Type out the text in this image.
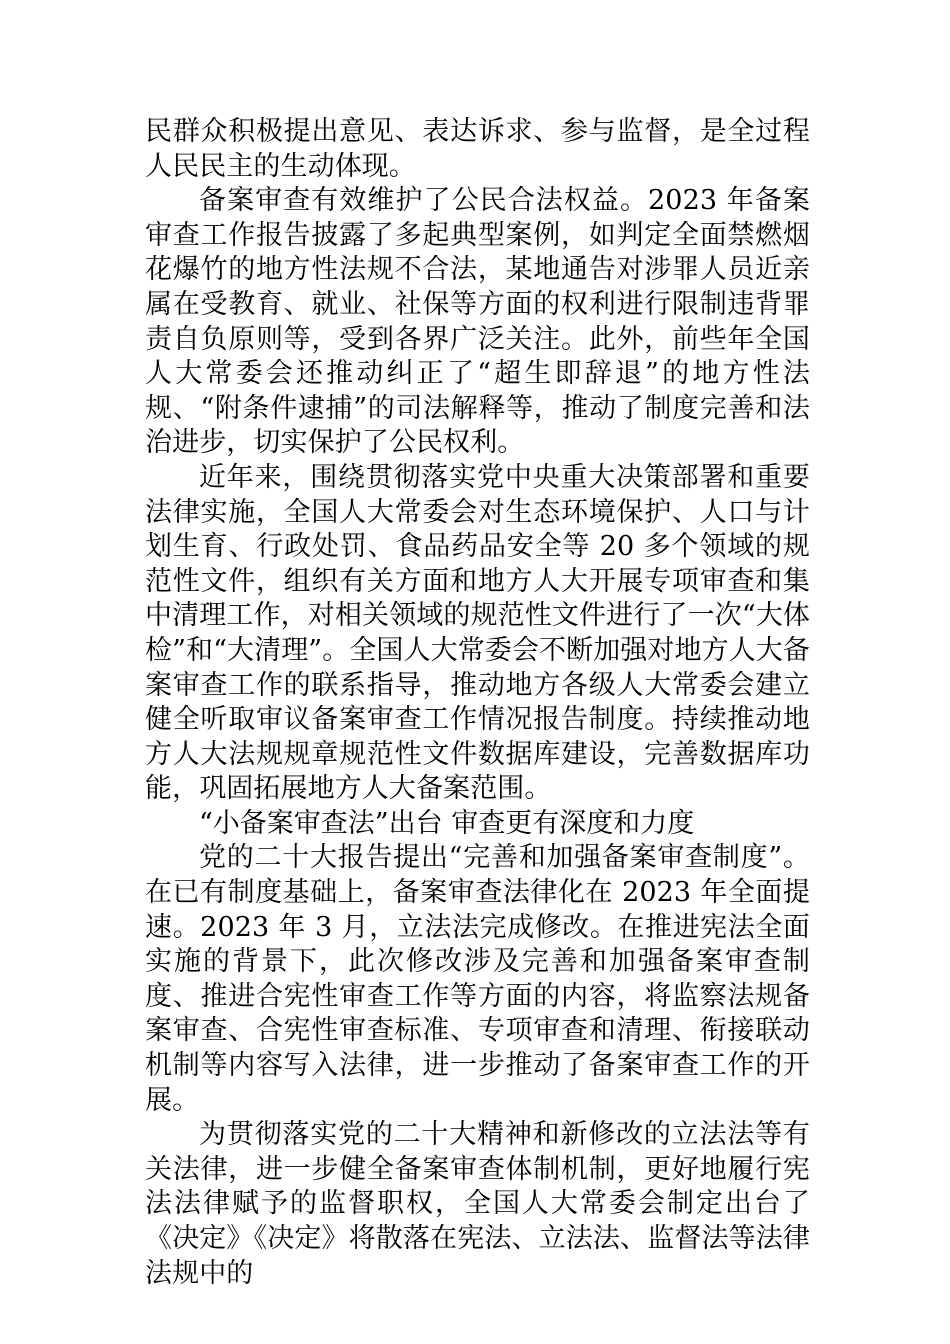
民群众积极提出意见、表达诉求、参与监督，是全过程人民民主的生动体现。

备案审查有效维护了公民合法权益。2023 年备案审查工作报告披露了多起典型案例，如判定全面禁燃烟花爆竹的地方性法规不合法，某地通告对涉罪人员近亲属在受教育、就业、社保等方面的权利进行限制违背罪责自负原则等，受到各界广泛关注。此外，前些年全国人大常委会还推动纠正了“超生即辞退”的地方性法规、“附条件逮捕”的司法解释等，推动了制度完善和法治进步，切实保护了公民权利。

近年来，围绕贯彻落实党中央重大决策部署和重要法律实施，全国人大常委会对生态环境保护、人口与计划生育、行政处罚、食品药品安全等 20 多个领域的规范性文件，组织有关方面和地方人大开展专项审查和集中清理工作，对相关领域的规范性文件进行了一次“大体检”和“大清理”。全国人大常委会不断加强对地方人大备案审查工作的联系指导，推动地方各级人大常委会建立健全听取审议备案审查工作情况报告制度。持续推动地方人大法规规章规范性文件数据库建设，完善数据库功能，巩固拓展地方人大备案范围。

“小备案审查法”出台 审查更有深度和力度

党的二十大报告提出“完善和加强备案审查制度”。在已有制度基础上，备案审查法律化在 2023 年全面提速。2023 年 3 月，立法法完成修改。在推进宪法全面实施的背景下，此次修改涉及完善和加强备案审查制度、推进合宪性审查工作等方面的内容，将监察法规备案审查、合宪性审查标准、专项审查和清理、衔接联动机制等内容写入法律，进一步推动了备案审查工作的开展。

为贯彻落实党的二十大精神和新修改的立法法等有关法律，进一步健全备案审查体制机制，更好地履行宪法法律赋予的监督职权，全国人大常委会制定出台了《决定》《决定》将散落在宪法、立法法、监督法等法律法规中的
